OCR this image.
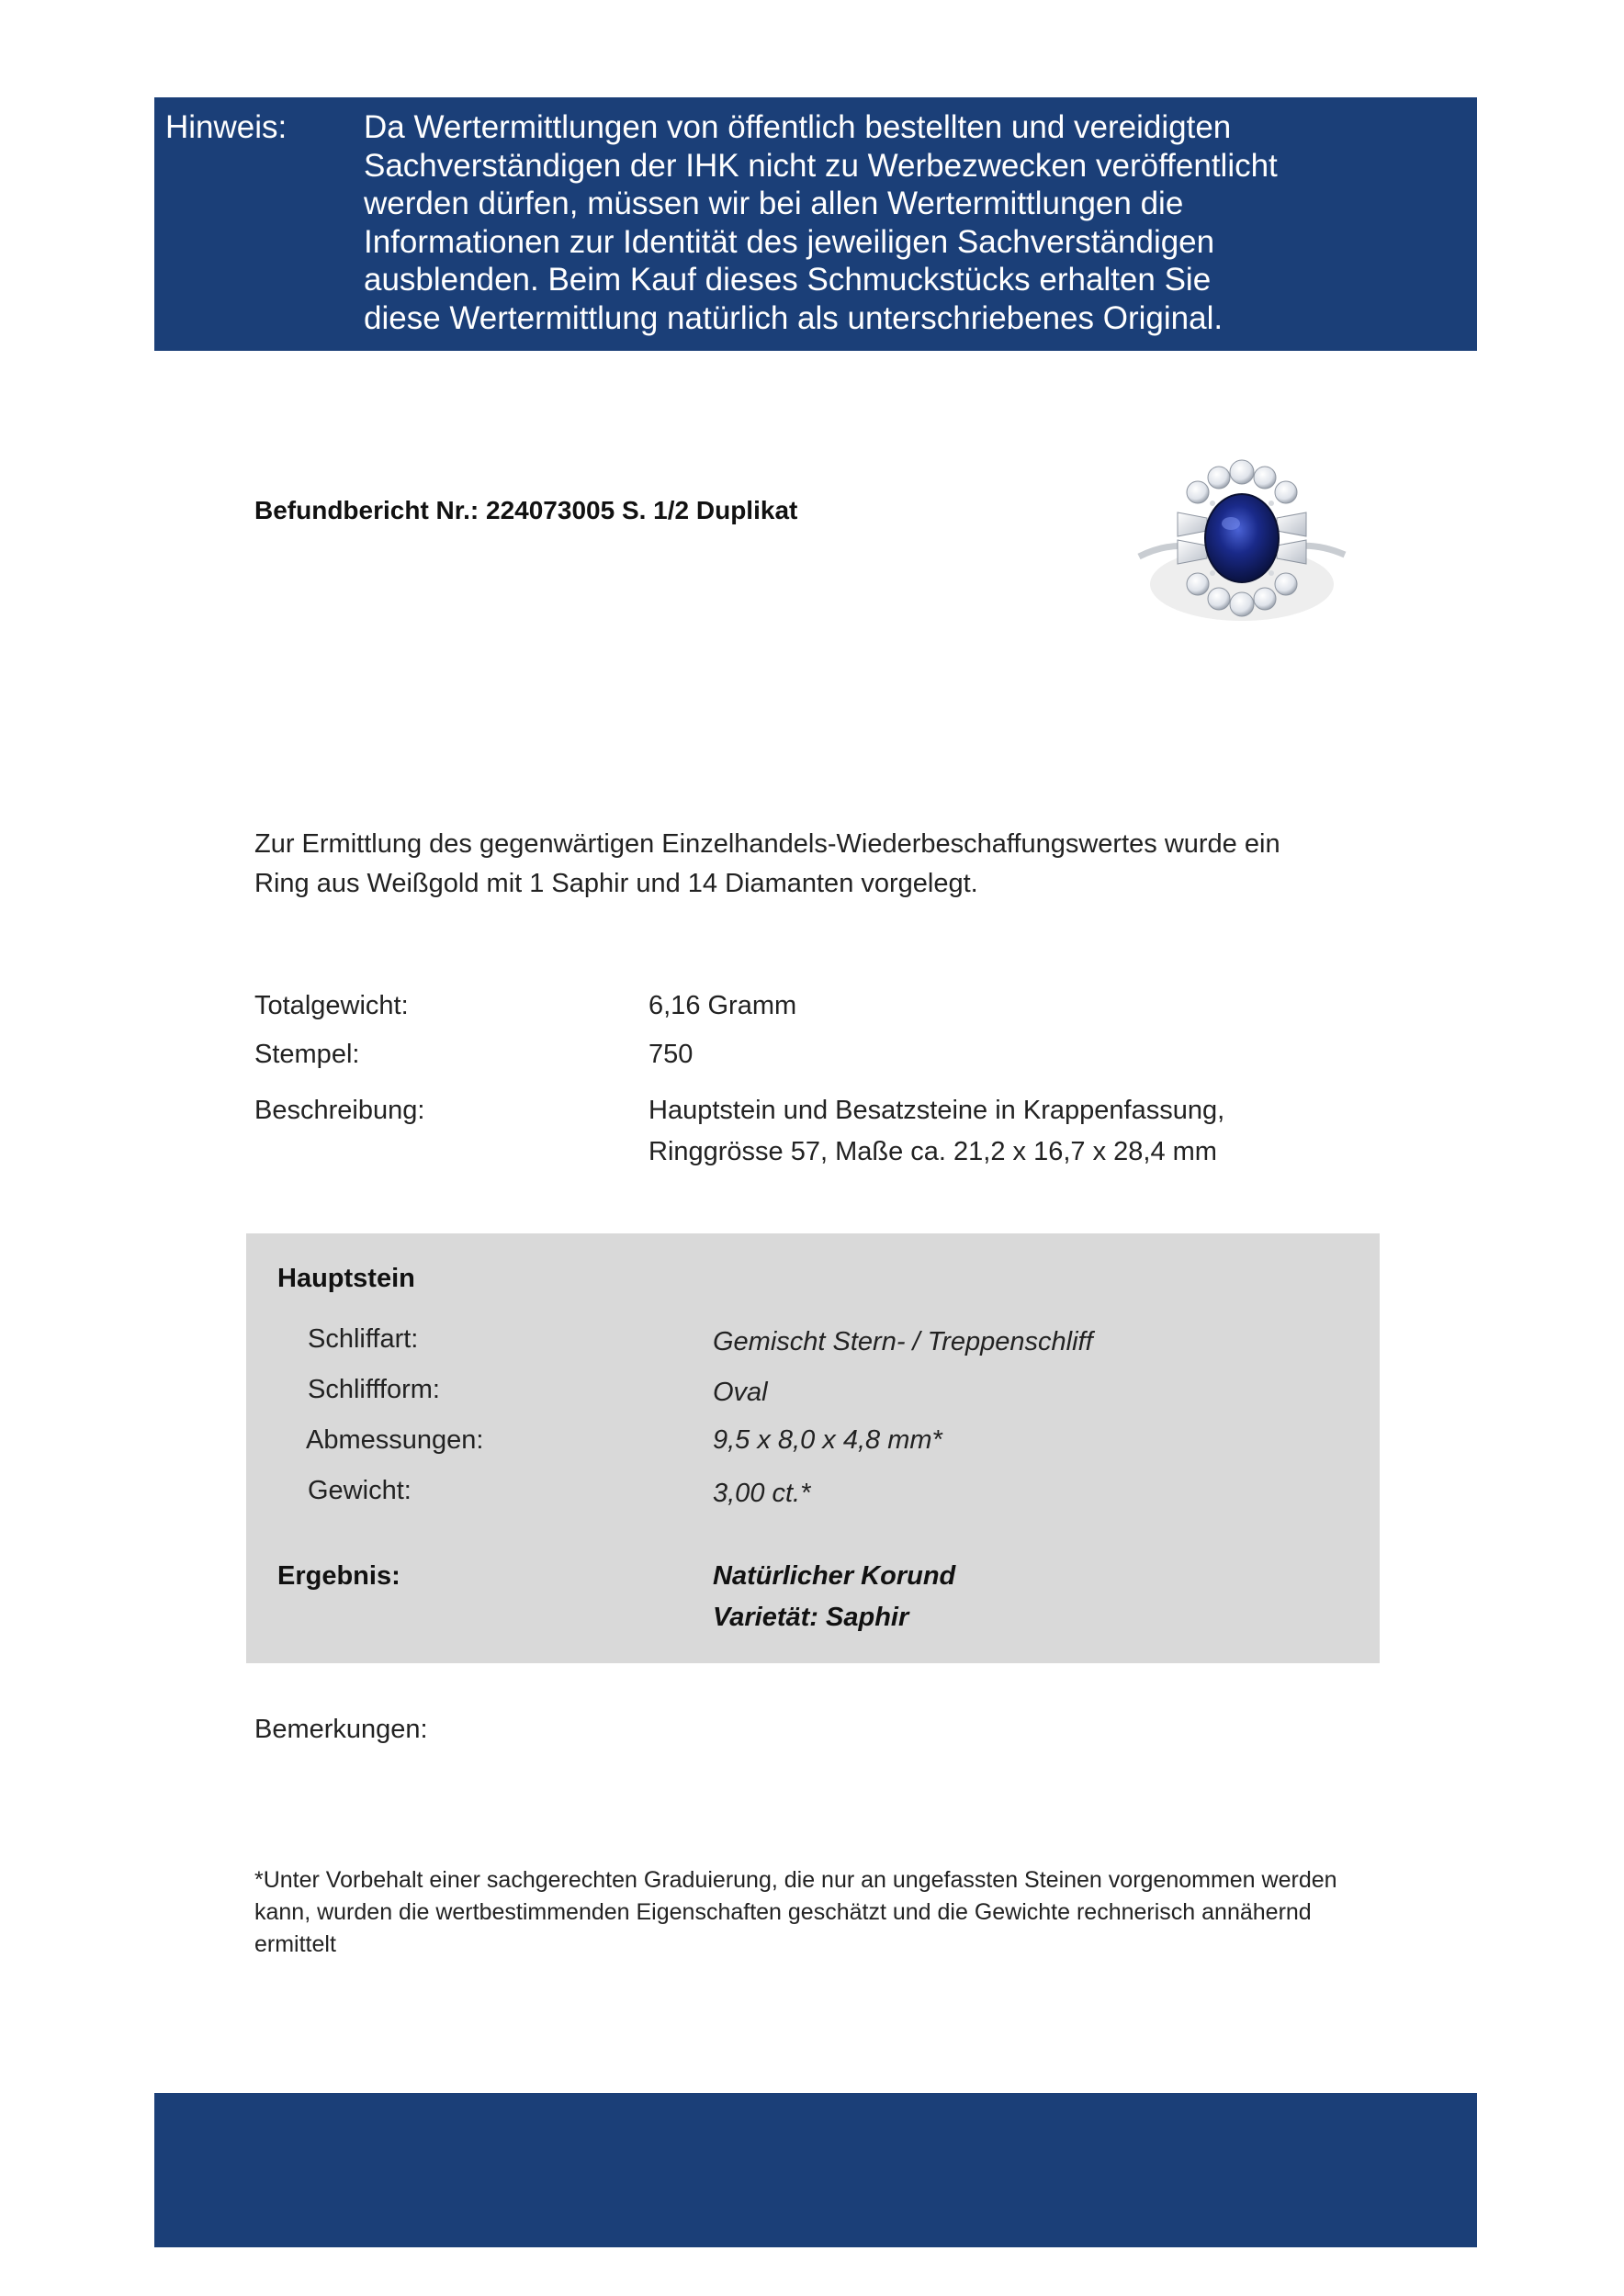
Hinweis: Da Wertermittlungen von öffentlich bestellten und vereidigten
Sachverständigen der IHK nicht zu Werbezwecken veröffentlicht
werden dürfen, müssen wir bei allen Wertermittlungen die
Informationen zur Identität des jeweiligen Sachverständigen
ausblenden. Beim Kauf dieses Schmuckstücks erhalten Sie
diese Wertermittlung natürlich als unterschriebenes Original.
Befundbericht Nr.: 224073005 S. 1/2 Duplikat
Zur Ermittlung des gegenwärtigen Einzelhandels-Wiederbeschaffungswertes wurde ein
Ring aus Weißgold mit 1 Saphir und 14 Diamanten vorgelegt.
Totalgewicht:	6,16 Gramm
Stempel:	750
Beschreibung:	Hauptstein und Besatzsteine in Krappenfassung,
Ringgrösse 57, Maße ca. 21,2 x 16,7 x 28,4 mm
Hauptstein
Schliffart:	Gemischt Stern- / Treppenschliff
Schliffform:	Oval
Abmessungen:	9,5 x 8,0 x 4,8 mm*
Gewicht:	3,00 ct.*
Ergebnis:	Natürlicher Korund
Varietät: Saphir
Bemerkungen:
*Unter Vorbehalt einer sachgerechten Graduierung, die nur an ungefassten Steinen vorgenommen werden
kann, wurden die wertbestimmenden Eigenschaften geschätzt und die Gewichte rechnerisch annähernd
ermittelt
